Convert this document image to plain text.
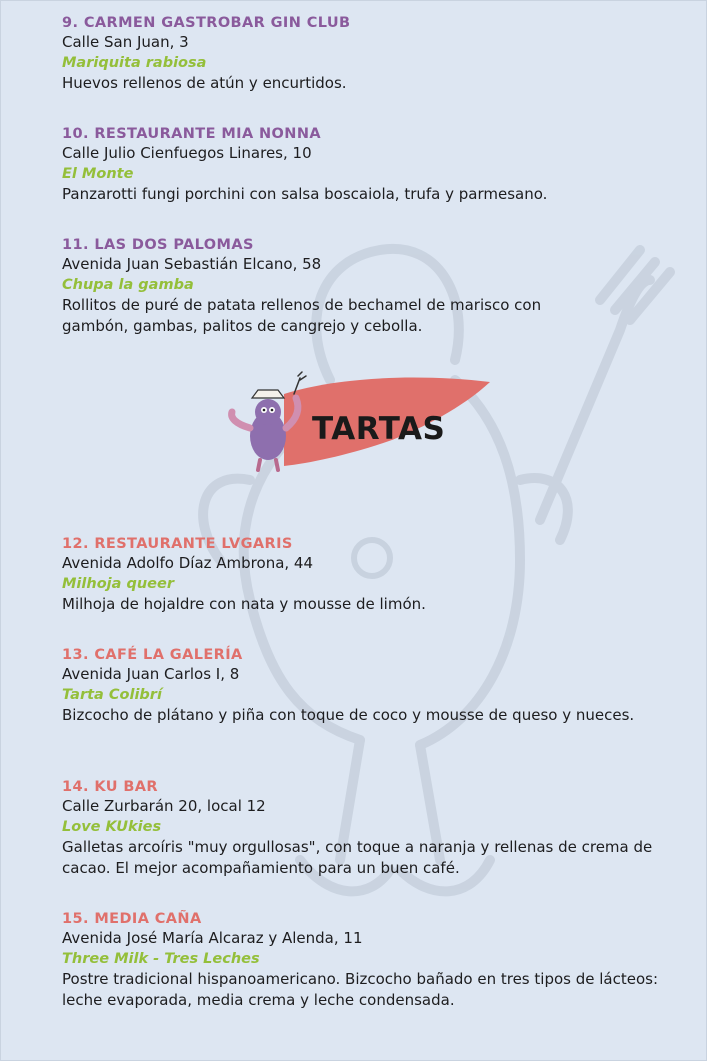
9. CARMEN GASTROBAR GIN CLUB

Calle San Juan, 3

Mariquita rabiosa

Huevos rellenos de atún y encurtidos.

10. RESTAURANTE MIA NONNA

Calle Julio Cienfuegos Linares, 10

El Monte

Panzarotti fungi porchini con salsa boscaiola, trufa y parmesano.

11. LAS DOS PALOMAS

Avenida Juan Sebastián Elcano, 58

Chupa la gamba

Rollitos de puré de patata rellenos de bechamel de marisco con gambón, gambas, palitos de cangrejo y cebolla.

TARTAS

12. RESTAURANTE LVGARIS

Avenida Adolfo Díaz Ambrona, 44

Milhoja queer

Milhoja de hojaldre con nata y mousse de limón.

13. CAFÉ LA GALERÍA

Avenida Juan Carlos I, 8

Tarta Colibrí

Bizcocho de plátano y piña con toque de coco y mousse de queso y nueces.

14. KU BAR

Calle Zurbarán 20, local 12

Love KUkies

Galletas arcoíris "muy orgullosas", con toque a naranja y rellenas de crema de cacao. El mejor acompañamiento para un buen café.

15. MEDIA CAÑA

Avenida José María Alcaraz y Alenda, 11

Three Milk - Tres Leches

Postre tradicional hispanoamericano. Bizcocho bañado en tres tipos de lácteos: leche evaporada, media crema y leche condensada.
